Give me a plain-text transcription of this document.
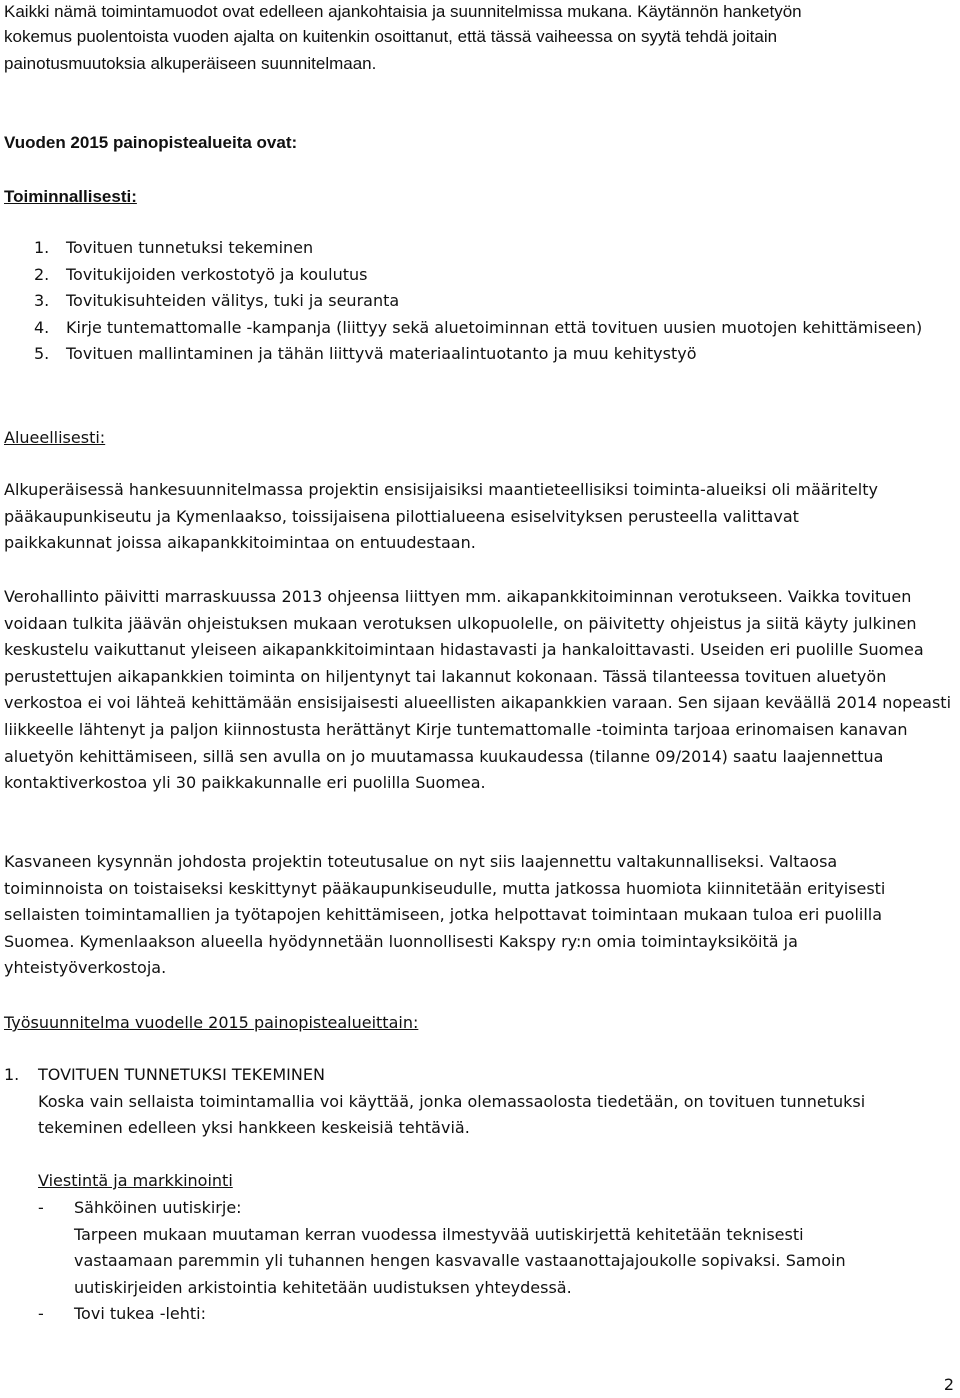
Kaikki nämä toimintamuodot ovat edelleen ajankohtaisia ja suunnitelmissa mukana. Käytännön hanketyön

kokemus puolentoista vuoden ajalta on kuitenkin osoittanut, että tässä vaiheessa on syytä tehdä joitain

painotusmuutoksia alkuperäiseen suunnitelmaan.

Vuoden 2015 painopistealueita ovat:

Toiminnallisesti:

1. Tovituen tunnetuksi tekeminen
2. Tovitukijoiden verkostotyö ja koulutus
3. Tovitukisuhteiden välitys, tuki ja seuranta
4. Kirje tuntemattomalle -kampanja (liittyy sekä aluetoiminnan että tovituen uusien muotojen kehittämiseen)
5. Tovituen mallintaminen ja tähän liittyvä materiaalintuotanto ja muu kehitystyö

Alueellisesti:

Alkuperäisessä hankesuunnitelmassa projektin ensisijaisiksi maantieteellisiksi toiminta-alueiksi oli määritelty pääkaupunkiseutu ja Kymenlaakso, toissijaisena pilottialueena esiselvityksen perusteella valittavat paikkakunnat joissa aikapankkitoimintaa on entuudestaan.

Verohallinto päivitti marraskuussa 2013 ohjeensa liittyen mm. aikapankkitoiminnan verotukseen. Vaikka tovituen voidaan tulkita jäävän ohjeistuksen mukaan verotuksen ulkopuolelle, on päivitetty ohjeistus ja siitä käyty julkinen keskustelu vaikuttanut yleiseen aikapankkitoimintaan hidastavasti ja hankaloittavasti. Useiden eri puolille Suomea perustettujen aikapankkien toiminta on hiljentynyt tai lakannut kokonaan. Tässä tilanteessa tovituen aluetyön verkostoa ei voi lähteä kehittämään ensisijaisesti alueellisten aikapankkien varaan. Sen sijaan keväällä 2014 nopeasti liikkeelle lähtenyt ja paljon kiinnostusta herättänyt Kirje tuntemattomalle -toiminta tarjoaa erinomaisen kanavan aluetyön kehittämiseen, sillä sen avulla on jo muutamassa kuukaudessa (tilanne 09/2014) saatu laajennettua kontaktiverkostoa yli 30 paikkakunnalle eri puolilla Suomea.

Kasvaneen kysynnän johdosta projektin toteutusalue on nyt siis laajennettu valtakunnalliseksi. Valtaosa toiminnoista on toistaiseksi keskittynyt pääkaupunkiseudulle, mutta jatkossa huomiota kiinnitetään erityisesti sellaisten toimintamallien ja työtapojen kehittämiseen, jotka helpottavat toimintaan mukaan tuloa eri puolilla Suomea. Kymenlaakson alueella hyödynnetään luonnollisesti Kakspy ry:n omia toimintayksiköitä ja yhteistyöverkostoja.

Työsuunnitelma vuodelle 2015 painopistealueittain:

1. TOVITUEN TUNNETUKSI TEKEMINEN

Koska vain sellaista toimintamallia voi käyttää, jonka olemassaolosta tiedetään, on tovituen tunnetuksi tekeminen edelleen yksi hankkeen keskeisiä tehtäviä.

Viestintä ja markkinointi

- Sähköinen uutiskirje:

Tarpeen mukaan muutaman kerran vuodessa ilmestyvää uutiskirjettä kehitetään teknisesti vastaamaan paremmin yli tuhannen hengen kasvavalle vastaanottajajoukolle sopivaksi. Samoin uutiskirjeiden arkistointia kehitetään uudistuksen yhteydessä.

- Tovi tukea -lehti:

2
